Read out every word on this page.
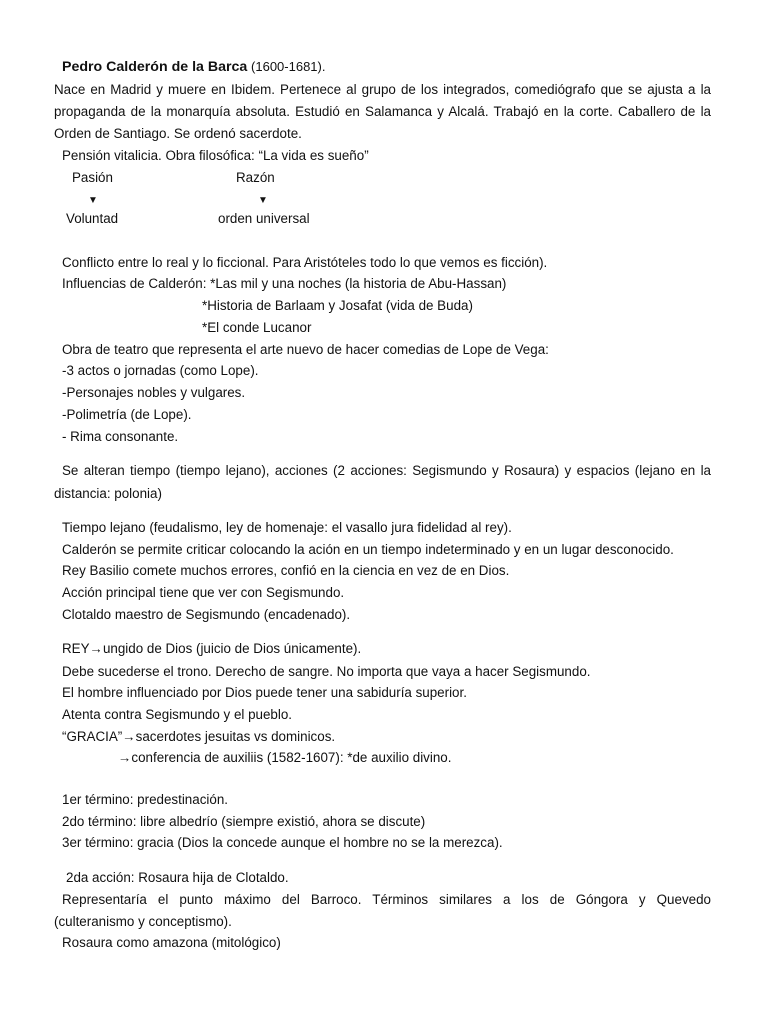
Pedro Calderón de la Barca (1600-1681).
Nace en Madrid y muere en Ibidem. Pertenece al grupo de los integrados, comediógrafo que se ajusta a la
propaganda de la monarquía absoluta. Estudió en Salamanca y Alcalá. Trabajó en la corte. Caballero de la
Orden de Santiago. Se ordenó sacerdote.
Pensión vitalicia. Obra filosófica: “La vida es sueño”
Pasión	Razón
▼	▼
Voluntad	orden universal
Conflicto entre lo real y lo ficcional. Para Aristóteles todo lo que vemos es ficción).
Influencias de Calderón: *Las mil y una noches (la historia de Abu-Hassan)
*Historia de Barlaam y Josafat (vida de Buda)
*El conde Lucanor
Obra de teatro que representa el arte nuevo de hacer comedias de Lope de Vega:
-3 actos o jornadas (como Lope).
-Personajes nobles y vulgares.
-Polimetría (de Lope).
- Rima consonante.
Se alteran tiempo (tiempo lejano), acciones (2 acciones: Segismundo y Rosaura) y espacios (lejano en la
distancia: polonia)
Tiempo lejano (feudalismo, ley de homenaje: el vasallo jura fidelidad al rey).
Calderón se permite criticar colocando la ación en un tiempo indeterminado y en un lugar desconocido.
Rey Basilio comete muchos errores, confió en la ciencia en vez de en Dios.
Acción principal tiene que ver con Segismundo.
Clotaldo maestro de Segismundo (encadenado).
REY→ungido de Dios (juicio de Dios únicamente).
Debe sucederse el trono. Derecho de sangre. No importa que vaya a hacer Segismundo.
El hombre influenciado por Dios puede tener una sabiduría superior.
Atenta contra Segismundo y el pueblo.
“GRACIA”→sacerdotes jesuitas vs dominicos.
→conferencia de auxiliis (1582-1607): *de auxilio divino.
1er término: predestinación.
2do término: libre albedrío (siempre existió, ahora se discute)
3er término: gracia (Dios la concede aunque el hombre no se la merezca).
2da acción: Rosaura hija de Clotaldo.
Representaría el punto máximo del Barroco. Términos similares a los de Góngora y Quevedo
(culteranismo y conceptismo).
Rosaura como amazona (mitológico)
